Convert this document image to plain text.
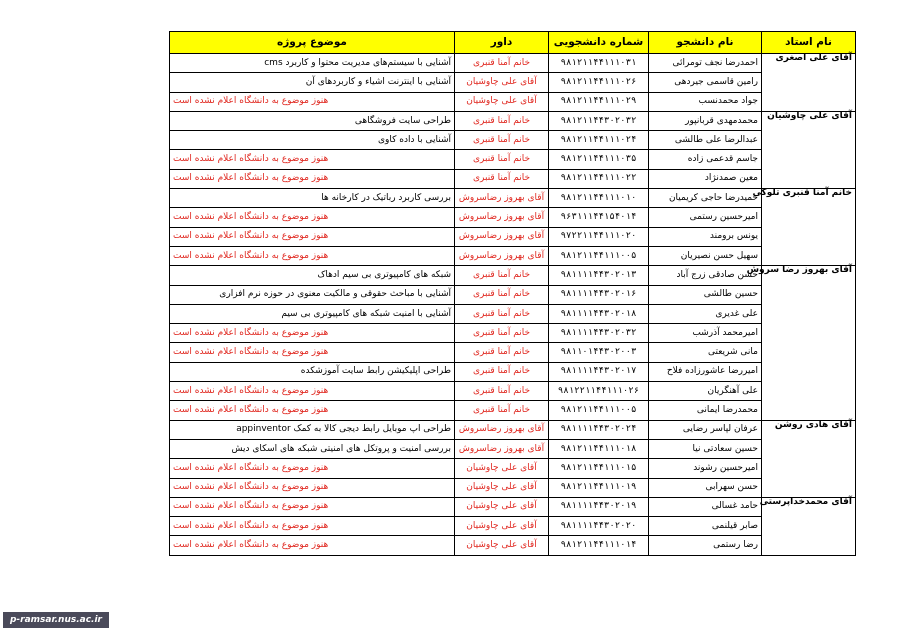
نام استاد	نام دانشجو	شماره دانشجویی	داور	موضوع پروژه
آقای علی اصغری	احمدرضا نجف تومرائی	۹۸۱۲۱۱۴۴۱۱۱۰۳۱	خانم آمنا قنبری	آشنایی با سیستم‌های مدیریت محتوا و کاربرد cms
	رامین قاسمی جیردهی	۹۸۱۲۱۱۴۴۱۱۱۰۲۶	آقای علی چاوشیان	آشنایی با اینترنت اشیاء و کاربردهای آن
	جواد محمدنسب	۹۸۱۲۱۱۴۴۱۱۱۰۲۹	آقای علی چاوشیان	هنوز موضوع به دانشگاه اعلام نشده است
آقای علی چاوشیان	محمدمهدی قربانپور	۹۸۱۲۱۱۴۴۳۰۲۰۳۲	خانم آمنا قنبری	طراحی سایت فروشگاهی
	عبدالرضا علی طالشی	۹۸۱۲۱۱۴۴۱۱۱۰۲۴	خانم آمنا قنبری	آشنایی با داده کاوی
	جاسم قدعمی زاده	۹۸۱۲۱۱۴۴۱۱۱۰۳۵	خانم آمنا قنبری	هنوز موضوع به دانشگاه اعلام نشده است
	معین صمدنژاد	۹۸۱۲۱۱۴۴۱۱۱۰۲۲	خانم آمنا قنبری	هنوز موضوع به دانشگاه اعلام نشده است
خانم آمنا قنبری تلوکی	حمیدرضا حاجی کریمیان	۹۸۱۲۱۱۴۴۱۱۱۰۱۰	آقای بهروز رضاسروش	بررسی کاربرد رباتیک در کارخانه ها
	امیرحسین رستمی	۹۶۳۱۱۱۴۴۱۵۴۰۱۴	آقای بهروز رضاسروش	هنوز موضوع به دانشگاه اعلام نشده است
	یونس برومند	۹۷۲۲۱۱۴۴۱۱۱۰۲۰	آقای بهروز رضاسروش	هنوز موضوع به دانشگاه اعلام نشده است
	سهیل حسن نصیریان	۹۸۱۲۱۱۴۴۱۱۱۰۰۵	آقای بهروز رضاسروش	هنوز موضوع به دانشگاه اعلام نشده است
آقای بهروز رضا سروش	حسن صادقی زرج آباد	۹۸۱۱۱۱۴۴۳۰۲۰۱۳	خانم آمنا قنبری	شبکه های کامپیوتری بی سیم ادهاک
	حسین طالشی	۹۸۱۱۱۱۴۴۳۰۲۰۱۶	خانم آمنا قنبری	آشنایی با مباحث حقوقی و مالکیت معنوی در حوزه نرم افزاری
	علی غدیری	۹۸۱۱۱۱۴۴۳۰۲۰۱۸	خانم آمنا قنبری	آشنایی با امنیت شبکه های کامپیوتری بی سیم
	امیرمحمد آذرشب	۹۸۱۱۱۱۴۴۳۰۲۰۳۲	خانم آمنا قنبری	هنوز موضوع به دانشگاه اعلام نشده است
	مانی شریعتی	۹۸۱۱۰۱۴۴۳۰۲۰۰۳	خانم آمنا قنبری	هنوز موضوع به دانشگاه اعلام نشده است
	امیررضا عاشورزاده فلاح	۹۸۱۱۱۱۴۴۳۰۲۰۱۷	خانم آمنا قنبری	طراحی اپلیکیشن رابط سایت آموزشکده
	علی آهنگریان	۹۸۱۲۲۱۱۴۴۱۱۱۰۲۶	خانم آمنا قنبری	هنوز موضوع به دانشگاه اعلام نشده است
	محمدرضا ایمانی	۹۸۱۲۱۱۴۴۱۱۱۰۰۵	خانم آمنا قنبری	هنوز موضوع به دانشگاه اعلام نشده است
آقای هادی روشن	عرفان لپاسر رضایی	۹۸۱۱۱۱۴۴۳۰۲۰۲۴	آقای بهروز رضاسروش	طراحی اپ موبایل رابط دیجی کالا به کمک appinventor
	حسین سعادتی نیا	۹۸۱۲۱۱۴۴۱۱۱۰۱۸	آقای بهروز رضاسروش	بررسی امنیت و پروتکل های امنیتی شبکه های اسکای دیش
	امیرحسین رشوند	۹۸۱۲۱۱۴۴۱۱۱۰۱۵	آقای علی چاوشیان	هنوز موضوع به دانشگاه اعلام نشده است
	حسن سهرابی	۹۸۱۲۱۱۴۴۱۱۱۰۱۹	آقای علی چاوشیان	هنوز موضوع به دانشگاه اعلام نشده است
آقای محمدخداپرستی	حامد غسالی	۹۸۱۱۱۱۴۴۳۰۲۰۱۹	آقای علی چاوشیان	هنوز موضوع به دانشگاه اعلام نشده است
	صابر قیلنمی	۹۸۱۱۱۱۴۴۳۰۲۰۲۰	آقای علی چاوشیان	هنوز موضوع به دانشگاه اعلام نشده است
	رضا رستمی	۹۸۱۲۱۱۴۴۱۱۱۰۱۴	آقای علی چاوشیان	هنوز موضوع به دانشگاه اعلام نشده است
p-ramsar.nus.ac.ir
